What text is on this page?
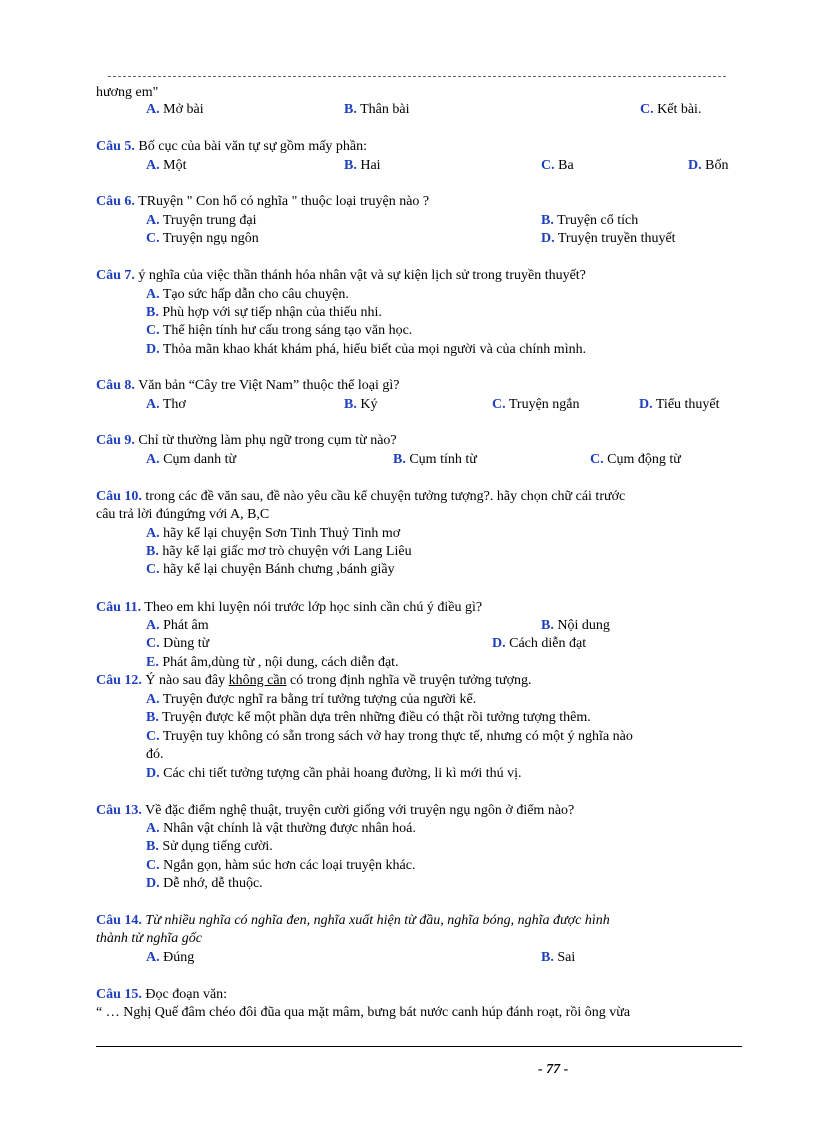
hương em"
A. Mở bài	B. Thân bài	C. Kết bài.
Câu 5. Bố cục của bài văn tự sự gồm mấy phần:
A. Một	B. Hai	C. Ba	D. Bốn
Câu 6. TRuyện " Con hổ có nghĩa " thuộc loại truyện nào ?
A. Truyện trung đại	B. Truyện cổ tích
C. Truyện ngụ ngôn	D. Truyện truyền thuyết
Câu 7. ý nghĩa của việc thần thánh hóa nhân vật và sự kiện lịch sử trong truyền thuyết?
A. Tạo sức hấp dẫn cho câu chuyện.
B. Phù hợp với sự tiếp nhận của thiếu nhi.
C. Thể hiện tính hư cấu trong sáng tạo văn học.
D. Thỏa mãn khao khát khám phá, hiểu biết của mọi người và của chính mình.
Câu 8. Văn bản “Cây tre Việt Nam” thuộc thể loại gì?
A. Thơ	B. Ký	C. Truyện ngắn	D. Tiểu thuyết
Câu 9. Chỉ từ thường làm phụ ngữ trong cụm từ nào?
A. Cụm danh từ	B. Cụm tính từ	C. Cụm động từ
Câu 10. trong các đề văn sau, đề nào yêu cầu kể chuyện tưởng tượng?. hãy chọn chữ cái trước
câu trả lời đúngứng với A, B,C
A. hãy kể lại chuyện Sơn Tinh Thuỷ Tinh mơ
B. hãy kể lại giấc mơ trò chuyện với Lang Liêu
C. hãy kể lại chuyện Bánh chưng ,bánh giầy
Câu 11. Theo em khi luyện nói trước lớp học sinh cần chú ý điều gì?
A. Phát âm	B. Nội dung
C. Dùng từ	D. Cách diễn đạt
E. Phát âm,dùng từ , nội dung, cách diễn đạt.
Câu 12. Ý nào sau đây không cần có trong định nghĩa về truyện tưởng tượng.
A. Truyện được nghĩ ra bằng trí tưởng tượng của người kể.
B. Truyện được kể một phần dựa trên những điều có thật rồi tưởng tượng thêm.
C. Truyện tuy không có sẵn trong sách vở hay trong thực tế, nhưng có một ý nghĩa nào
đó.
D. Các chi tiết tưởng tượng cần phải hoang đường, li kì mới thú vị.
Câu 13. Về đặc điểm nghệ thuật, truyện cười giống với truyện ngụ ngôn ở điểm nào?
A. Nhân vật chính là vật thường được nhân hoá.
B. Sử dụng tiếng cười.
C. Ngắn gọn, hàm súc hơn các loại truyện khác.
D. Dễ nhớ, dễ thuộc.
Câu 14. Từ nhiều nghĩa có nghĩa đen, nghĩa xuất hiện từ đầu, nghĩa bóng, nghĩa được hình
thành từ nghĩa gốc
A. Đúng	B. Sai
Câu 15. Đọc đoạn văn:
“ … Nghị Quế đâm chéo đôi đũa qua mặt mâm, bưng bát nước canh húp đánh roạt, rồi ông vừa
- 77 -
